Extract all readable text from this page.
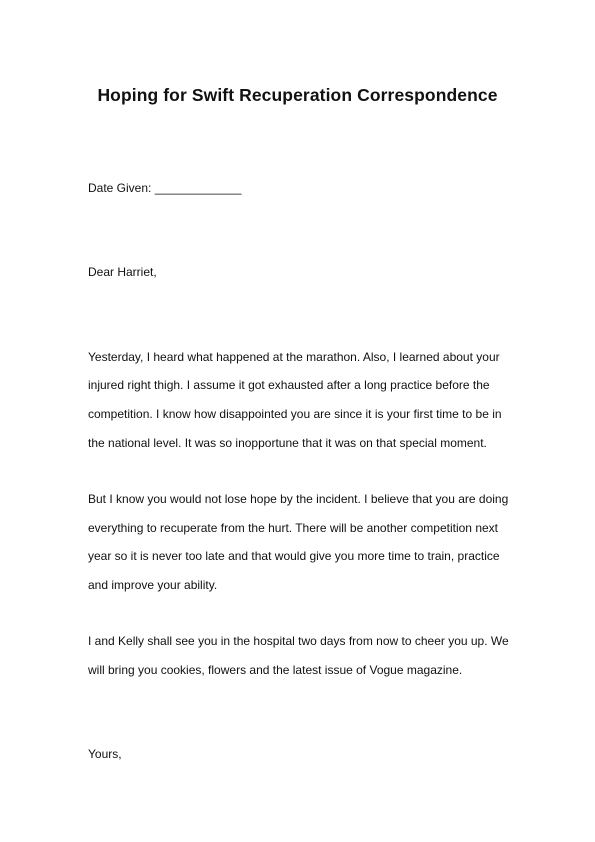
Hoping for Swift Recuperation Correspondence

Date Given: _____________

Dear Harriet,

Yesterday, I heard what happened at the marathon. Also, I learned about your

injured right thigh. I assume it got exhausted after a long practice before the

competition. I know how disappointed you are since it is your first time to be in

the national level. It was so inopportune that it was on that special moment.

But I know you would not lose hope by the incident. I believe that you are doing

everything to recuperate from the hurt. There will be another competition next

year so it is never too late and that would give you more time to train, practice

and improve your ability.

I and Kelly shall see you in the hospital two days from now to cheer you up. We

will bring you cookies, flowers and the latest issue of Vogue magazine.

Yours,
